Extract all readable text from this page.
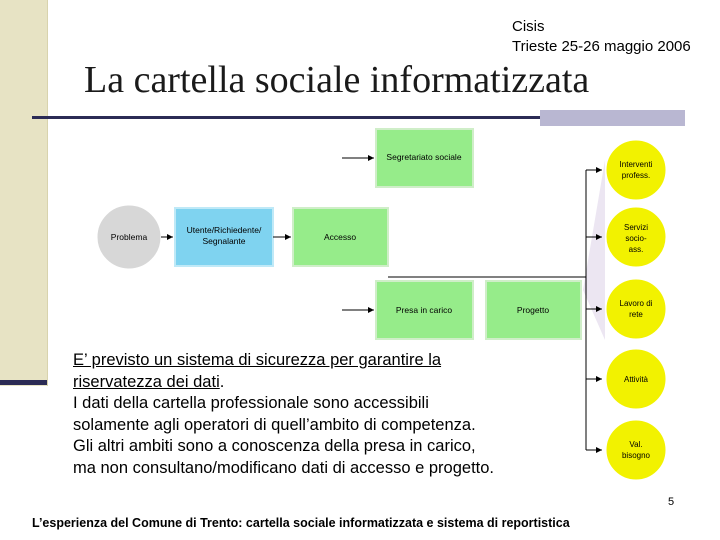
Cisis
Trieste 25-26 maggio 2006
La cartella sociale informatizzata
Segretariato sociale
Problema
Utente/Richiedente/
Segnalante	Accesso
Presa in carico	Progetto
Interventi
profess.
Servizi
socio-
ass.
Lavoro di
rete
Attività
Val.
bisogno
E’ previsto un sistema di sicurezza per garantire la
riservatezza dei dati.
I dati della cartella professionale sono accessibili
solamente agli operatori di quell’ambito di competenza.
Gli altri ambiti sono a conoscenza della presa in carico,
ma non consultano/modificano dati di accesso e progetto.
5
L’esperienza del Comune di Trento: cartella sociale informatizzata e sistema di reportistica
